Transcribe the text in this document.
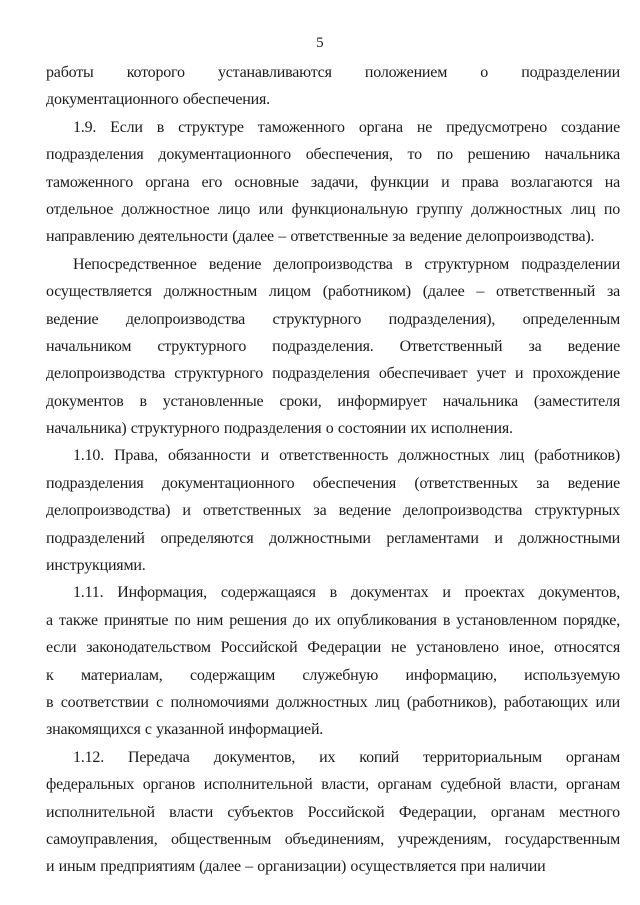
5

работы которого устанавливаются положением о подразделении
документационного обеспечения.

1.9. Если в структуре таможенного органа не предусмотрено создание
подразделения документационного обеспечения, то по решению начальника
таможенного органа его основные задачи, функции и права возлагаются на
отдельное должностное лицо или функциональную группу должностных лиц по
направлению деятельности (далее – ответственные за ведение делопроизводства).

Непосредственное ведение делопроизводства в структурном подразделении
осуществляется должностным лицом (работником) (далее – ответственный за
ведение делопроизводства структурного подразделения), определенным
начальником структурного подразделения. Ответственный за ведение
делопроизводства структурного подразделения обеспечивает учет и прохождение
документов в установленные сроки, информирует начальника (заместителя
начальника) структурного подразделения о состоянии их исполнения.

1.10. Права, обязанности и ответственность должностных лиц (работников)
подразделения документационного обеспечения (ответственных за ведение
делопроизводства) и ответственных за ведение делопроизводства структурных
подразделений определяются должностными регламентами и должностными
инструкциями.

1.11. Информация, содержащаяся в документах и проектах документов,
а также принятые по ним решения до их опубликования в установленном порядке,
если законодательством Российской Федерации не установлено иное, относятся
к материалам, содержащим служебную информацию, используемую
в соответствии с полномочиями должностных лиц (работников), работающих или
знакомящихся с указанной информацией.

1.12. Передача документов, их копий территориальным органам
федеральных органов исполнительной власти, органам судебной власти, органам
исполнительной власти субъектов Российской Федерации, органам местного
самоуправления, общественным объединениям, учреждениям, государственным
и иным предприятиям (далее – организации) осуществляется при наличии
